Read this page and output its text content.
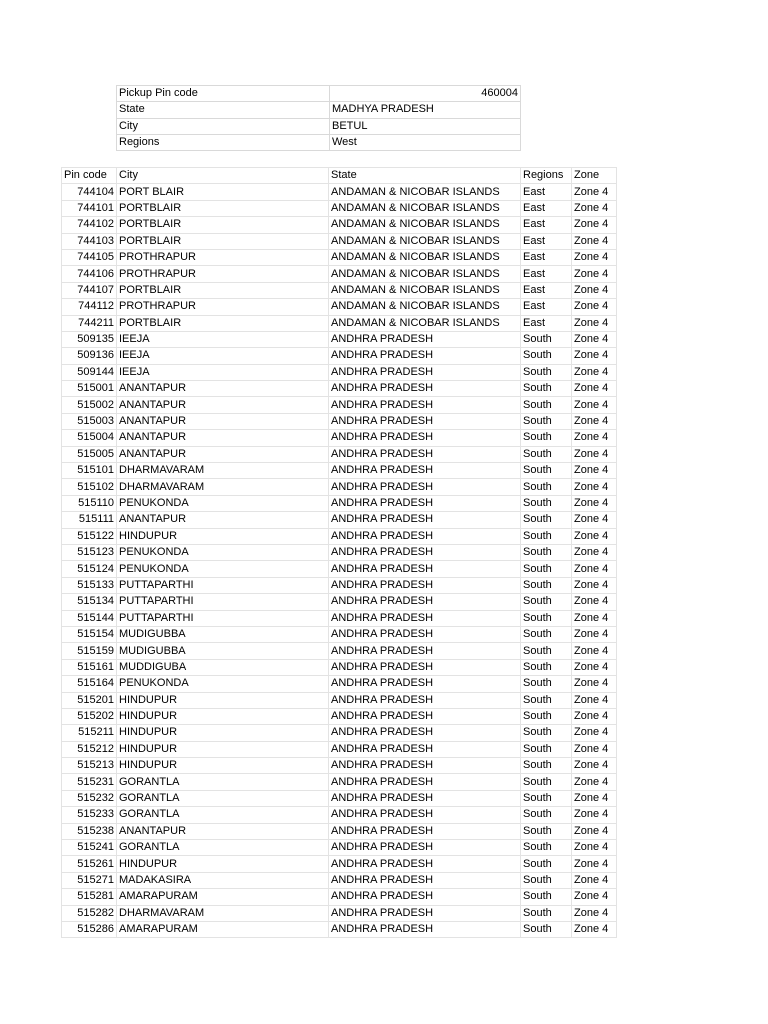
Pickup Pin code	460004
State	MADHYA PRADESH
City	BETUL
Regions	West
Pin code	City	State	Regions	Zone
744104	PORT BLAIR	ANDAMAN & NICOBAR ISLANDS	East	Zone 4
744101	PORTBLAIR	ANDAMAN & NICOBAR ISLANDS	East	Zone 4
744102	PORTBLAIR	ANDAMAN & NICOBAR ISLANDS	East	Zone 4
744103	PORTBLAIR	ANDAMAN & NICOBAR ISLANDS	East	Zone 4
744105	PROTHRAPUR	ANDAMAN & NICOBAR ISLANDS	East	Zone 4
744106	PROTHRAPUR	ANDAMAN & NICOBAR ISLANDS	East	Zone 4
744107	PORTBLAIR	ANDAMAN & NICOBAR ISLANDS	East	Zone 4
744112	PROTHRAPUR	ANDAMAN & NICOBAR ISLANDS	East	Zone 4
744211	PORTBLAIR	ANDAMAN & NICOBAR ISLANDS	East	Zone 4
509135	IEEJA	ANDHRA PRADESH	South	Zone 4
509136	IEEJA	ANDHRA PRADESH	South	Zone 4
509144	IEEJA	ANDHRA PRADESH	South	Zone 4
515001	ANANTAPUR	ANDHRA PRADESH	South	Zone 4
515002	ANANTAPUR	ANDHRA PRADESH	South	Zone 4
515003	ANANTAPUR	ANDHRA PRADESH	South	Zone 4
515004	ANANTAPUR	ANDHRA PRADESH	South	Zone 4
515005	ANANTAPUR	ANDHRA PRADESH	South	Zone 4
515101	DHARMAVARAM	ANDHRA PRADESH	South	Zone 4
515102	DHARMAVARAM	ANDHRA PRADESH	South	Zone 4
515110	PENUKONDA	ANDHRA PRADESH	South	Zone 4
515111	ANANTAPUR	ANDHRA PRADESH	South	Zone 4
515122	HINDUPUR	ANDHRA PRADESH	South	Zone 4
515123	PENUKONDA	ANDHRA PRADESH	South	Zone 4
515124	PENUKONDA	ANDHRA PRADESH	South	Zone 4
515133	PUTTAPARTHI	ANDHRA PRADESH	South	Zone 4
515134	PUTTAPARTHI	ANDHRA PRADESH	South	Zone 4
515144	PUTTAPARTHI	ANDHRA PRADESH	South	Zone 4
515154	MUDIGUBBA	ANDHRA PRADESH	South	Zone 4
515159	MUDIGUBBA	ANDHRA PRADESH	South	Zone 4
515161	MUDDIGUBA	ANDHRA PRADESH	South	Zone 4
515164	PENUKONDA	ANDHRA PRADESH	South	Zone 4
515201	HINDUPUR	ANDHRA PRADESH	South	Zone 4
515202	HINDUPUR	ANDHRA PRADESH	South	Zone 4
515211	HINDUPUR	ANDHRA PRADESH	South	Zone 4
515212	HINDUPUR	ANDHRA PRADESH	South	Zone 4
515213	HINDUPUR	ANDHRA PRADESH	South	Zone 4
515231	GORANTLA	ANDHRA PRADESH	South	Zone 4
515232	GORANTLA	ANDHRA PRADESH	South	Zone 4
515233	GORANTLA	ANDHRA PRADESH	South	Zone 4
515238	ANANTAPUR	ANDHRA PRADESH	South	Zone 4
515241	GORANTLA	ANDHRA PRADESH	South	Zone 4
515261	HINDUPUR	ANDHRA PRADESH	South	Zone 4
515271	MADAKASIRA	ANDHRA PRADESH	South	Zone 4
515281	AMARAPURAM	ANDHRA PRADESH	South	Zone 4
515282	DHARMAVARAM	ANDHRA PRADESH	South	Zone 4
515286	AMARAPURAM	ANDHRA PRADESH	South	Zone 4
